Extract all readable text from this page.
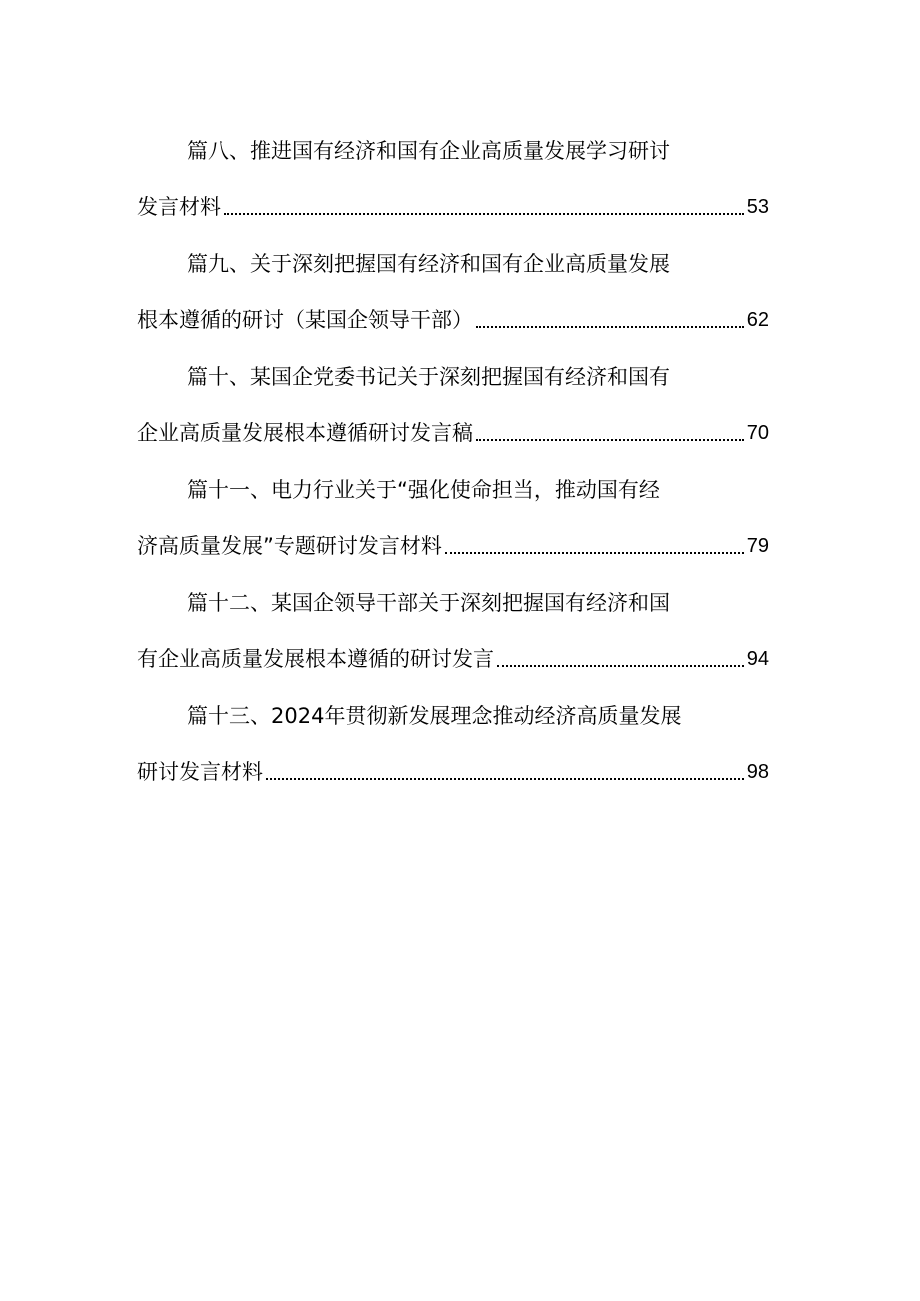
篇八、推进国有经济和国有企业高质量发展学习研讨
发言材料	53
篇九、关于深刻把握国有经济和国有企业高质量发展
根本遵循的研讨（某国企领导干部）	62
篇十、某国企党委书记关于深刻把握国有经济和国有
企业高质量发展根本遵循研讨发言稿	70
篇十一、电力行业关于“强化使命担当，推动国有经
济高质量发展”专题研讨发言材料	79
篇十二、某国企领导干部关于深刻把握国有经济和国
有企业高质量发展根本遵循的研讨发言	94
篇十三、2024年贯彻新发展理念推动经济高质量发展
研讨发言材料	98
